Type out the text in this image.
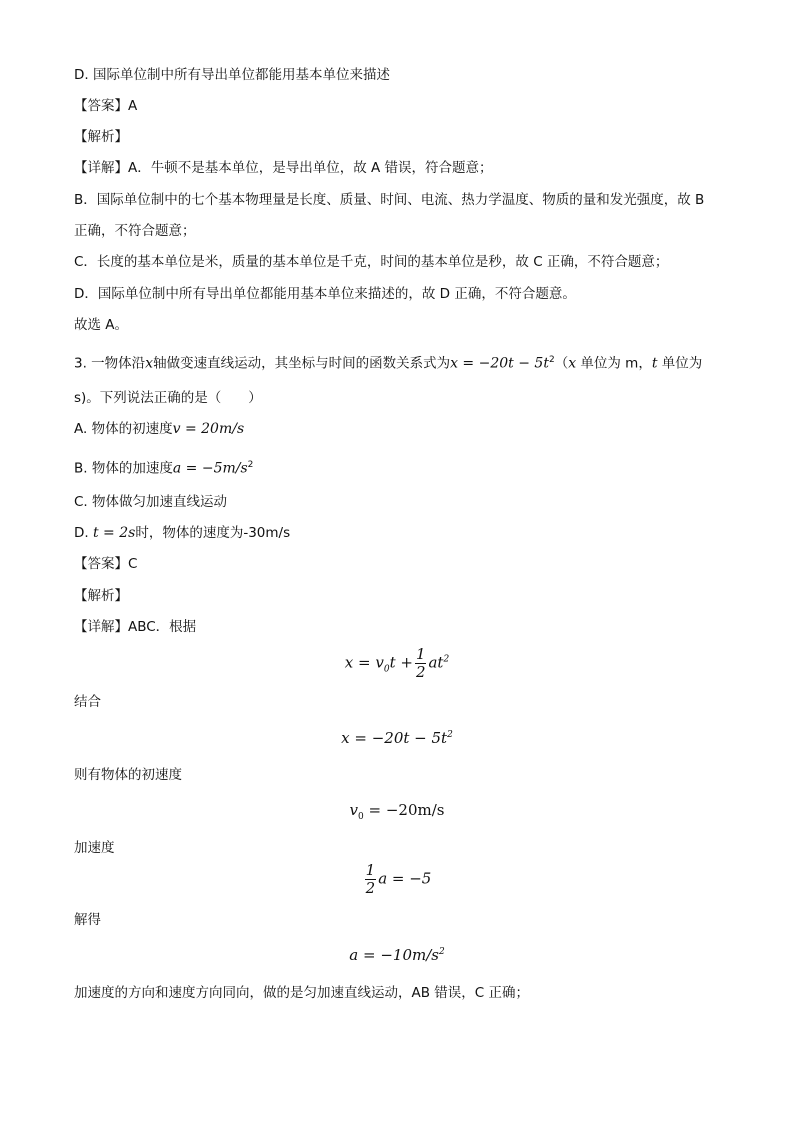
D. 国际单位制中所有导出单位都能用基本单位来描述
【答案】A
【解析】
【详解】A．牛顿不是基本单位，是导出单位，故 A 错误，符合题意；
B．国际单位制中的七个基本物理量是长度、质量、时间、电流、热力学温度、物质的量和发光强度，故 B
正确，不符合题意；
C．长度的基本单位是米，质量的基本单位是千克，时间的基本单位是秒，故 C 正确，不符合题意；
D．国际单位制中所有导出单位都能用基本单位来描述的，故 D 正确，不符合题意。
故选 A。
3. 一物体沿x轴做变速直线运动，其坐标与时间的函数关系式为$x = -20t - 5t^2(x$ 单位为 m，t 单位为
s)。下列说法正确的是（　　）
A. 物体的初速度v = 20m/s
B. 物体的加速度$a = -5m/s^2$
C. 物体做匀加速直线运动
D. t = 2s时，物体的速度为-30m/s
【答案】C
【解析】
【详解】ABC．根据
$x = v_0t + \frac{1}{2} at^2$
结合
$x = -20t - 5t^2$
则有物体的初速度
$v_0 = -20m/s$
加速度
$\frac{1}{2}$ a = −5
解得
$a = -10m/s^2$
加速度的方向和速度方向同向，做的是匀加速直线运动，AB 错误，C 正确；
